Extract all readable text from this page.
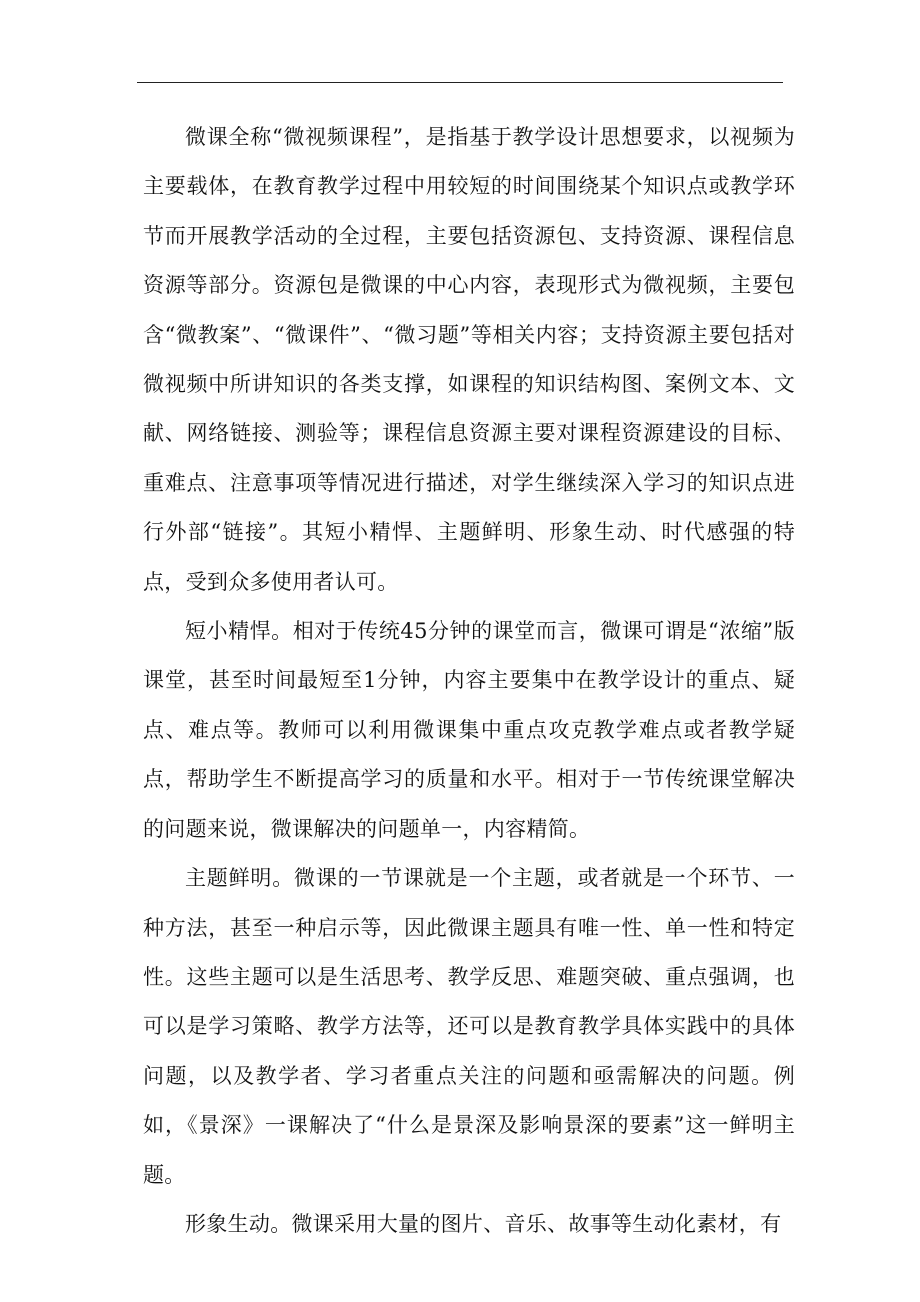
微课全称“微视频课程”，是指基于教学设计思想要求，以视频为主要载体，在教育教学过程中用较短的时间围绕某个知识点或教学环节而开展教学活动的全过程，主要包括资源包、支持资源、课程信息资源等部分。资源包是微课的中心内容，表现形式为微视频，主要包含“微教案”、“微课件”、“微习题”等相关内容；支持资源主要包括对微视频中所讲知识的各类支撑，如课程的知识结构图、案例文本、文献、网络链接、测验等；课程信息资源主要对课程资源建设的目标、重难点、注意事项等情况进行描述，对学生继续深入学习的知识点进行外部“链接”。其短小精悍、主题鲜明、形象生动、时代感强的特点，受到众多使用者认可。

短小精悍。相对于传统45分钟的课堂而言，微课可谓是“浓缩”版课堂，甚至时间最短至1分钟，内容主要集中在教学设计的重点、疑点、难点等。教师可以利用微课集中重点攻克教学难点或者教学疑点，帮助学生不断提高学习的质量和水平。相对于一节传统课堂解决的问题来说，微课解决的问题单一，内容精简。

主题鲜明。微课的一节课就是一个主题，或者就是一个环节、一种方法，甚至一种启示等，因此微课主题具有唯一性、单一性和特定性。这些主题可以是生活思考、教学反思、难题突破、重点强调，也可以是学习策略、教学方法等，还可以是教育教学具体实践中的具体问题，以及教学者、学习者重点关注的问题和亟需解决的问题。例如，《景深》一课解决了“什么是景深及影响景深的要素”这一鲜明主题。

形象生动。微课采用大量的图片、音乐、故事等生动化素材，有
